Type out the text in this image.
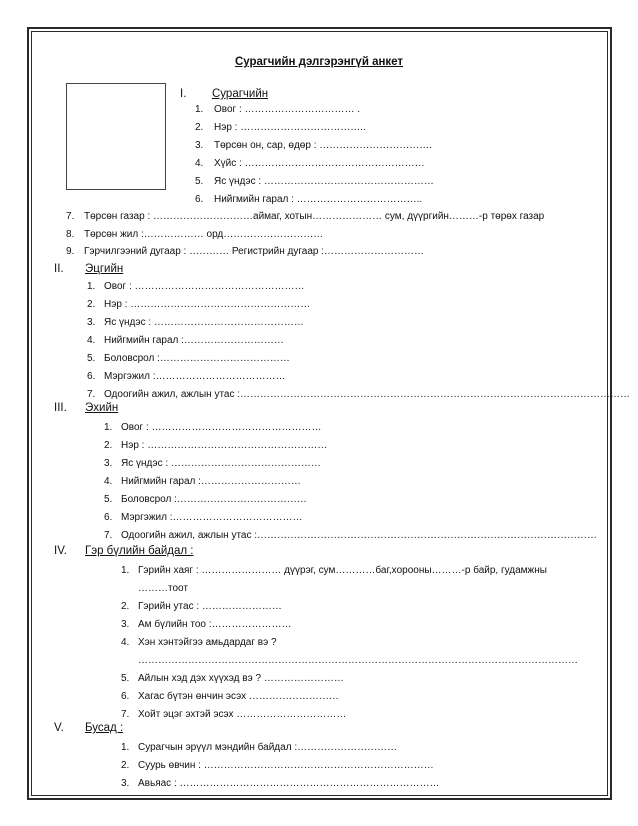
Сурагчийн дэлгэрэнгүй анкет
I. Сурагчийн
1. Овог : …………………………… .
2. Нэр : ………………………………..
3. Төрсөн он, сар, өдөр : …………………………….
4. Хүйс : ………………………………………………
5. Яс үндэс : ……………………………………………
6. Нийгмийн гарал : ………………………………..
7. Төрсөн газар : …………………………аймаг, хотын………………… сум, дүүргийн………-р төрөх газар
8. Төрсөн жил :……………… орд…………………………
9. Гэрчилгээний дугаар : ………… Регистрийн дугаар :…………………………
II. Эцгийн
1. Овог : ……………………………………………
2. Нэр : ………………………………………………
3. Яс үндэс : ………………………………………
4. Нийгмийн гарал :…………………………
5. Боловсрол :…………………………………
6. Мэргэжил :…………………………………
7. Одоогийн ажил, ажлын утас :………………………………………………………………………………………………………
III. Эхийн
1. Овог : ……………………………………………
2. Нэр : ………………………………………………
3. Яс үндэс : ………………………………………
4. Нийгмийн гарал :…………………………
5. Боловсрол :…………………………………
6. Мэргэжил :…………………………………
7. Одоогийн ажил, ажлын утас :…………………………………………………………………………………………
IV. Гэр бүлийн байдал :
1. Гэрийн хаяг : …………………… дүүрэг, сум…………баг,хорооны………-р байр, гудамжны
………тоот
2. Гэрийн утас : ……………………
3. Ам бүлийн тоо :……………………
4. Хэн хэнтэйгээ амьдардаг вэ ?
……………………………………………………………………………………………………………………
5. Айлын хэд дэх хүүхэд вэ ? ……………………
6. Хагас бүтэн өнчин эсэх ………………………
7. Хойт эцэг эхтэй эсэх ……………………………
V. Бусад :
1. Сурагчын эрүүл мэндийн байдал :…………………………
2. Суурь өвчин : ……………………………………………………………
3. Авьяас : ……………………………………………………………………
